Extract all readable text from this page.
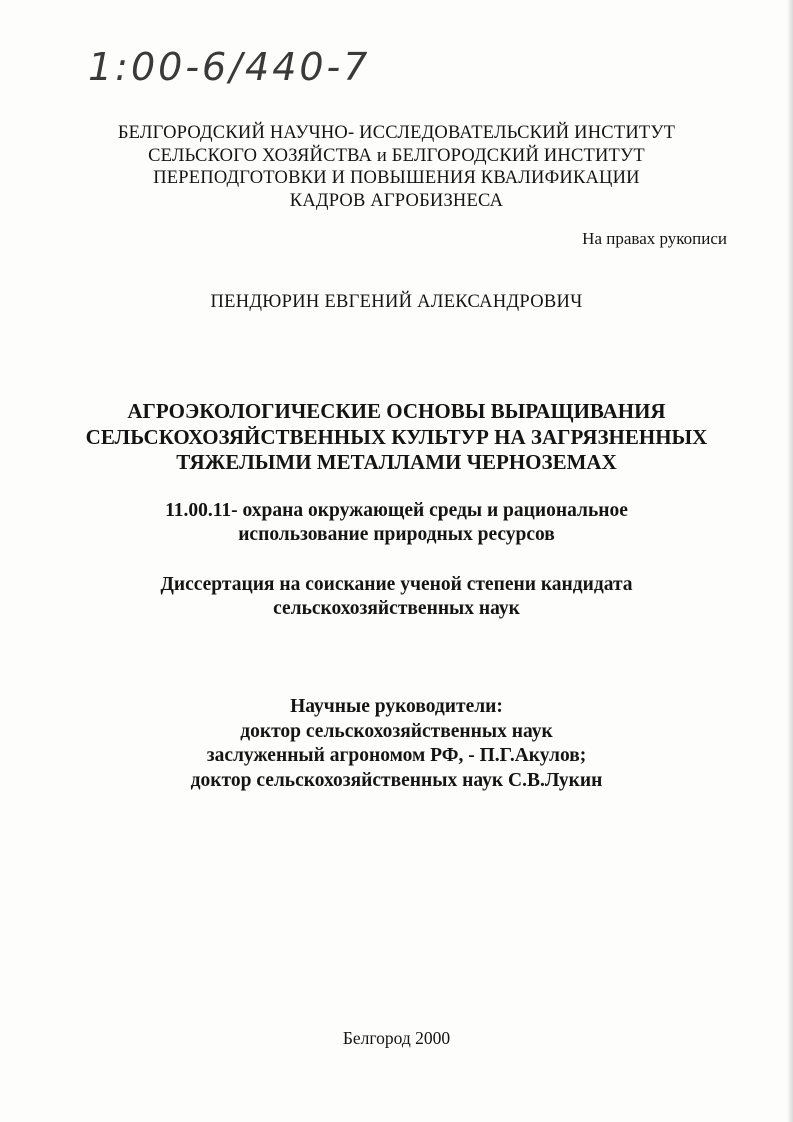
1:00-6/440-7
БЕЛГОРОДСКИЙ НАУЧНО- ИССЛЕДОВАТЕЛЬСКИЙ ИНСТИТУТ
СЕЛЬСКОГО ХОЗЯЙСТВА и БЕЛГОРОДСКИЙ ИНСТИТУТ
ПЕРЕПОДГОТОВКИ И ПОВЫШЕНИЯ КВАЛИФИКАЦИИ
КАДРОВ АГРОБИЗНЕСА
На правах рукописи
ПЕНДЮРИН ЕВГЕНИЙ АЛЕКСАНДРОВИЧ
АГРОЭКОЛОГИЧЕСКИЕ ОСНОВЫ ВЫРАЩИВАНИЯ
СЕЛЬСКОХОЗЯЙСТВЕННЫХ КУЛЬТУР НА ЗАГРЯЗНЕННЫХ
ТЯЖЕЛЫМИ МЕТАЛЛАМИ ЧЕРНОЗЕМАХ
11.00.11- охрана окружающей среды и рациональное
использование природных ресурсов
Диссертация на соискание ученой степени кандидата
сельскохозяйственных наук
Научные руководители:
доктор сельскохозяйственных наук
заслуженный агрономом РФ, - П.Г.Акулов;
доктор сельскохозяйственных наук С.В.Лукин
Белгород 2000
